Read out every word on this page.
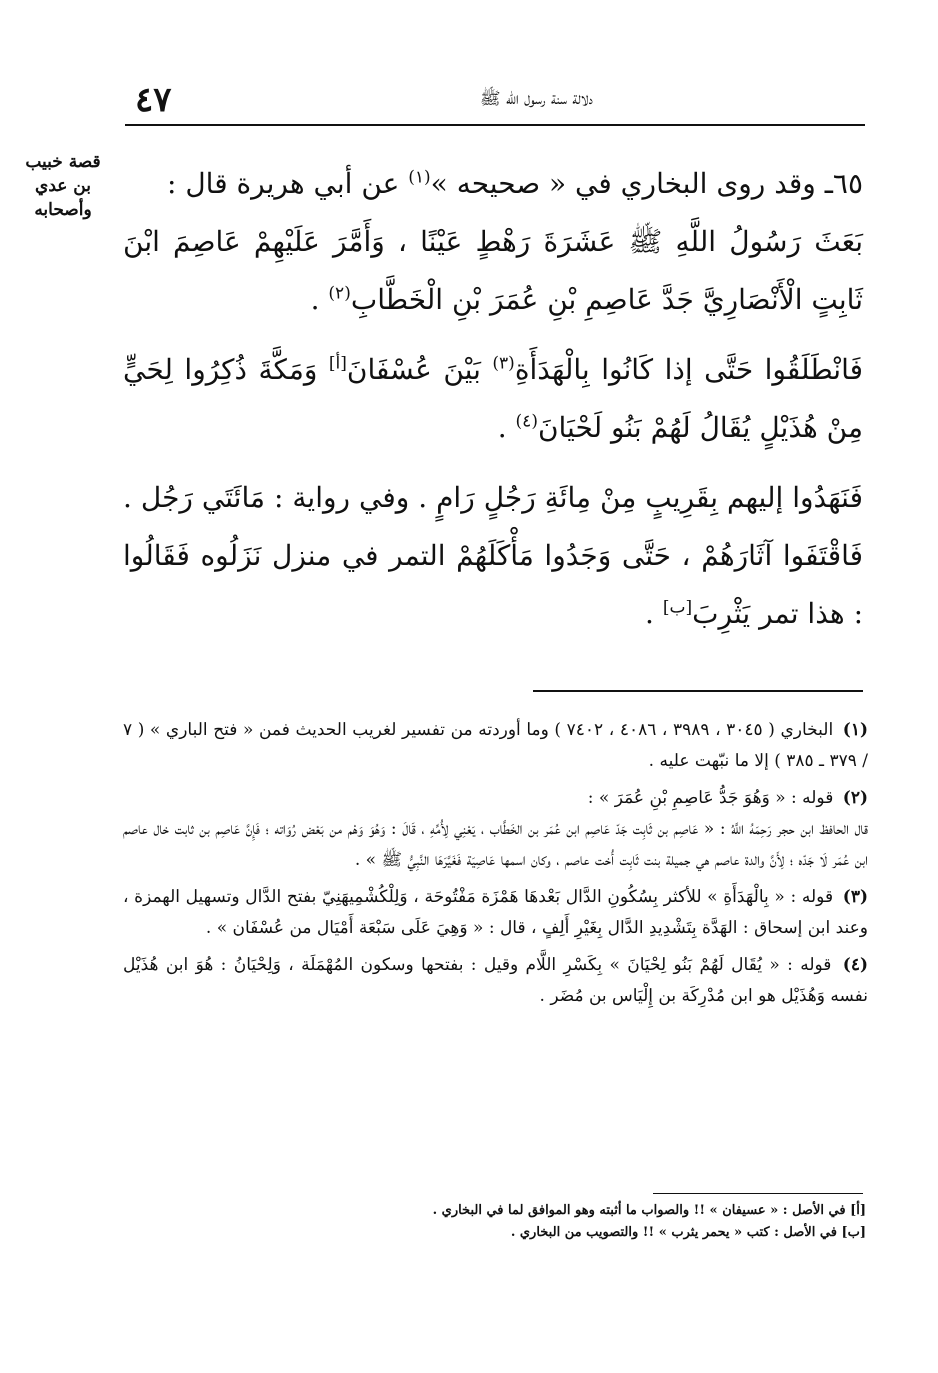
دلالة سنة رسول الله ﷺ
٤٧
قصة خبيب
بن عدي
وأصحابه

٦٥ـ وقد روى البخاري في « صحيحه »$^{(١)}$ عن أبي هريرة قال :

بَعَثَ رَسُولُ اللَّهِ ﷺ عَشَرَةَ رَهْطٍ عَيْنًا ، وَأَمَّرَ عَلَيْهِمْ عَاصِمَ ابْنَ ثَابِتٍ الْأَنْصَارِيَّ جَدَّ عَاصِمِ بْنِ عُمَرَ بْنِ الْخَطَّابِ$^{(٢)}$ .

فَانْطَلَقُوا حَتَّى إذا كَانُوا بِالْهَدَأَةِ$^{(٣)}$ بَيْنَ عُسْفَانَ[أ] وَمَكَّةَ ذُكِرُوا لِحَيٍّ مِنْ هُذَيْلٍ يُقَالُ لَهُمْ بَنُو لَحْيَانَ$^{(٤)}$ .

فَنَهَدُوا إليهم بِقَرِيبٍ مِنْ مِائَةِ رَجُلٍ رَامٍ . وفي رواية : مَائَتَي رَجُل . فَاقْتَفَوا آثَارَهُمْ ، حَتَّى وَجَدُوا مَأْكَلَهُمْ التمر في منزل نَزَلُوه فَقَالُوا : هذا تمر يَثْرِبَ[ب] .

(١) البخاري ( ٣٠٤٥ ، ٣٩٨٩ ، ٤٠٨٦ ، ٧٤٠٢ ) وما أوردته من تفسير لغريب الحديث فمن « فتح الباري » ( ٧ / ٣٧٩ ـ ٣٨٥ ) إلا ما نبّهت عليه .
(٢) قوله : « وَهُوَ جَدُّ عَاصِمِ بْنِ عُمَرَ » :
قال الحافظ ابن حجر رَحِمَهُ اللَّهُ : « عَاصِم بن ثَابِت جَدّ عَاصِم ابن عُمَر بن الخَطَّاب ، يَعْنِي لِأُمِّهِ ، قَالَ : وَهُوَ وَهْم من بَعْض رُوَاته ؛ فَإِنَّ عَاصِم بن ثابت خال عاصم ابن عُمَر لَا جَدّه ؛ لِأَنَّ والدة عاصم هي جميلة بنت ثَابِت أُخت عاصم ، وكان اسمها عَاصِيَة فَغَيَّرَهَا النَّبِيُّ ﷺ » .
(٣) قوله : « بِالْهَدَأَةِ » للأكثر بِسُكُونِ الدَّال بَعْدهَا هَمْزَة مَفْتُوحَة ، وَلِلْكُشْمِيهَنِيّ بفتح الدَّال وتسهيل الهمزة ، وعند ابن إسحاق : الهَدَّة بِتَشْدِيدِ الدَّال بِغَيْرِ أَلِفٍ ، قال : « وَهِيَ عَلَى سَبْعَة أَمْيَال من عُسْفَان » .
(٤) قوله : « يُقَال لَهُمْ بَنُو لِحْيَانَ » بِكَسْرِ اللَّام وقيل : بفتحها وسكون المُهْمَلَة ، وَلِحْيَانُ : هُوَ ابن هُذَيْل نفسه وَهُذَيْل هو ابن مُدْرِكَة بن إِلْيَاس بن مُضَر .
[أ] في الأصل : « عسيفان » !! والصواب ما أثبته وهو الموافق لما في البخاري .
[ب] في الأصل : كتب « يحمر يثرب » !! والتصويب من البخاري .
